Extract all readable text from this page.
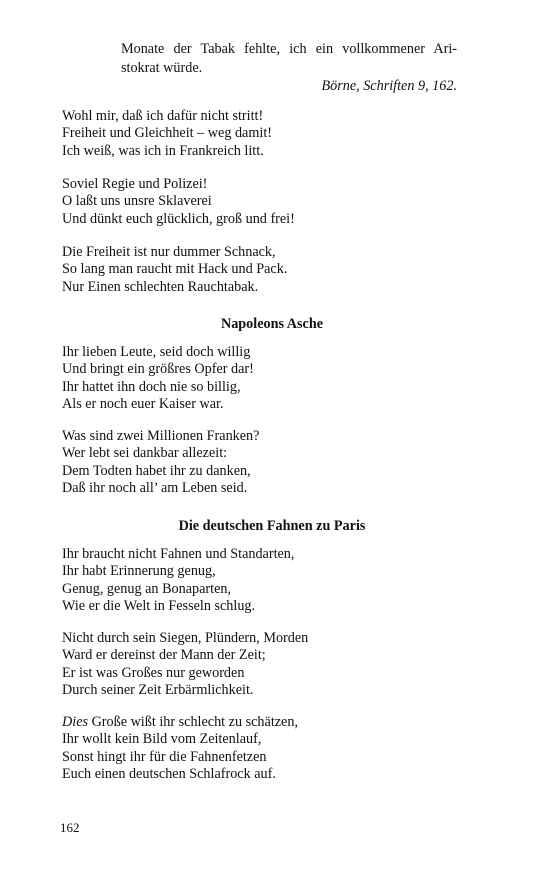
Monate der Tabak fehlte, ich ein vollkommener Ari-
stokrat würde.
Börne, Schriften 9, 162.
Wohl mir, daß ich dafür nicht stritt!
Freiheit und Gleichheit – weg damit!
Ich weiß, was ich in Frankreich litt.
Soviel Regie und Polizei!
O laßt uns unsre Sklaverei
Und dünkt euch glücklich, groß und frei!
Die Freiheit ist nur dummer Schnack,
So lang man raucht mit Hack und Pack.
Nur Einen schlechten Rauchtabak.
Napoleons Asche
Ihr lieben Leute, seid doch willig
Und bringt ein größres Opfer dar!
Ihr hattet ihn doch nie so billig,
Als er noch euer Kaiser war.
Was sind zwei Millionen Franken?
Wer lebt sei dankbar allezeit:
Dem Todten habet ihr zu danken,
Daß ihr noch all’ am Leben seid.
Die deutschen Fahnen zu Paris
Ihr braucht nicht Fahnen und Standarten,
Ihr habt Erinnerung genug,
Genug, genug an Bonaparten,
Wie er die Welt in Fesseln schlug.
Nicht durch sein Siegen, Plündern, Morden
Ward er dereinst der Mann der Zeit;
Er ist was Großes nur geworden
Durch seiner Zeit Erbärmlichkeit.
Dies Große wißt ihr schlecht zu schätzen,
Ihr wollt kein Bild vom Zeitenlauf,
Sonst hingt ihr für die Fahnenfetzen
Euch einen deutschen Schlafrock auf.
162
